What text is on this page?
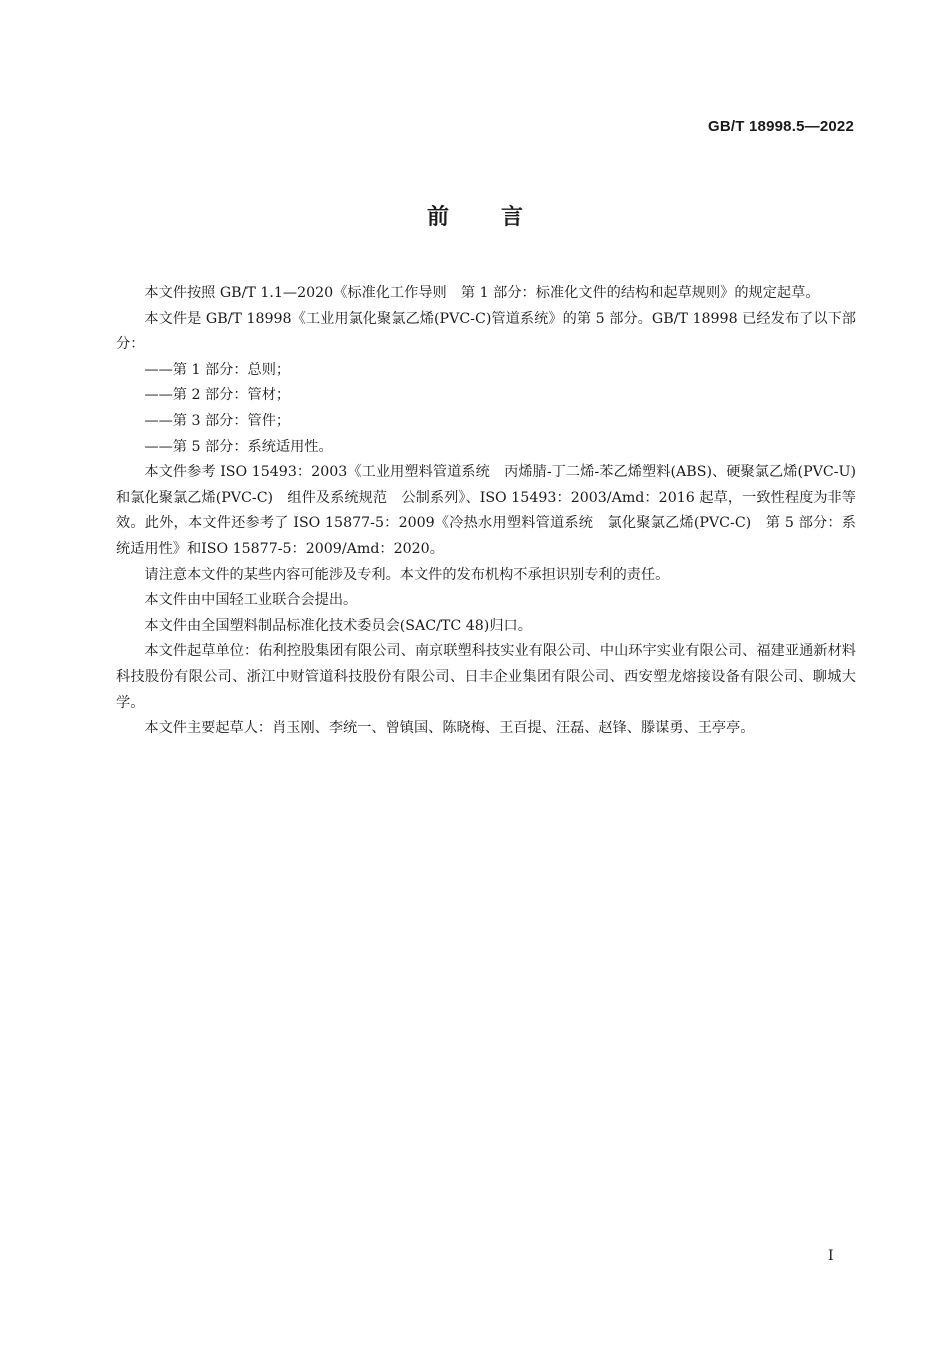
GB/T 18998.5—2022
前言

本文件按照 GB/T 1.1—2020《标准化工作导则　第 1 部分：标准化文件的结构和起草规则》的规定起草。

本文件是 GB/T 18998《工业用氯化聚氯乙烯(PVC-C)管道系统》的第 5 部分。GB/T 18998 已经发布了以下部分：

——第 1 部分：总则；

——第 2 部分：管材；

——第 3 部分：管件；

——第 5 部分：系统适用性。

本文件参考 ISO 15493：2003《工业用塑料管道系统　丙烯腈-丁二烯-苯乙烯塑料(ABS)、硬聚氯乙烯(PVC-U)和氯化聚氯乙烯(PVC-C)　组件及系统规范　公制系列》、ISO 15493：2003/Amd：2016 起草，一致性程度为非等效。此外，本文件还参考了 ISO 15877-5：2009《冷热水用塑料管道系统　氯化聚氯乙烯(PVC-C)　第 5 部分：系统适用性》和ISO 15877-5：2009/Amd：2020。

请注意本文件的某些内容可能涉及专利。本文件的发布机构不承担识别专利的责任。

本文件由中国轻工业联合会提出。

本文件由全国塑料制品标准化技术委员会(SAC/TC 48)归口。

本文件起草单位：佑利控股集团有限公司、南京联塑科技实业有限公司、中山环宇实业有限公司、福建亚通新材料科技股份有限公司、浙江中财管道科技股份有限公司、日丰企业集团有限公司、西安塑龙熔接设备有限公司、聊城大学。

本文件主要起草人：肖玉刚、李统一、曾镇国、陈晓梅、王百提、汪磊、赵锋、滕谋勇、王亭亭。

I
